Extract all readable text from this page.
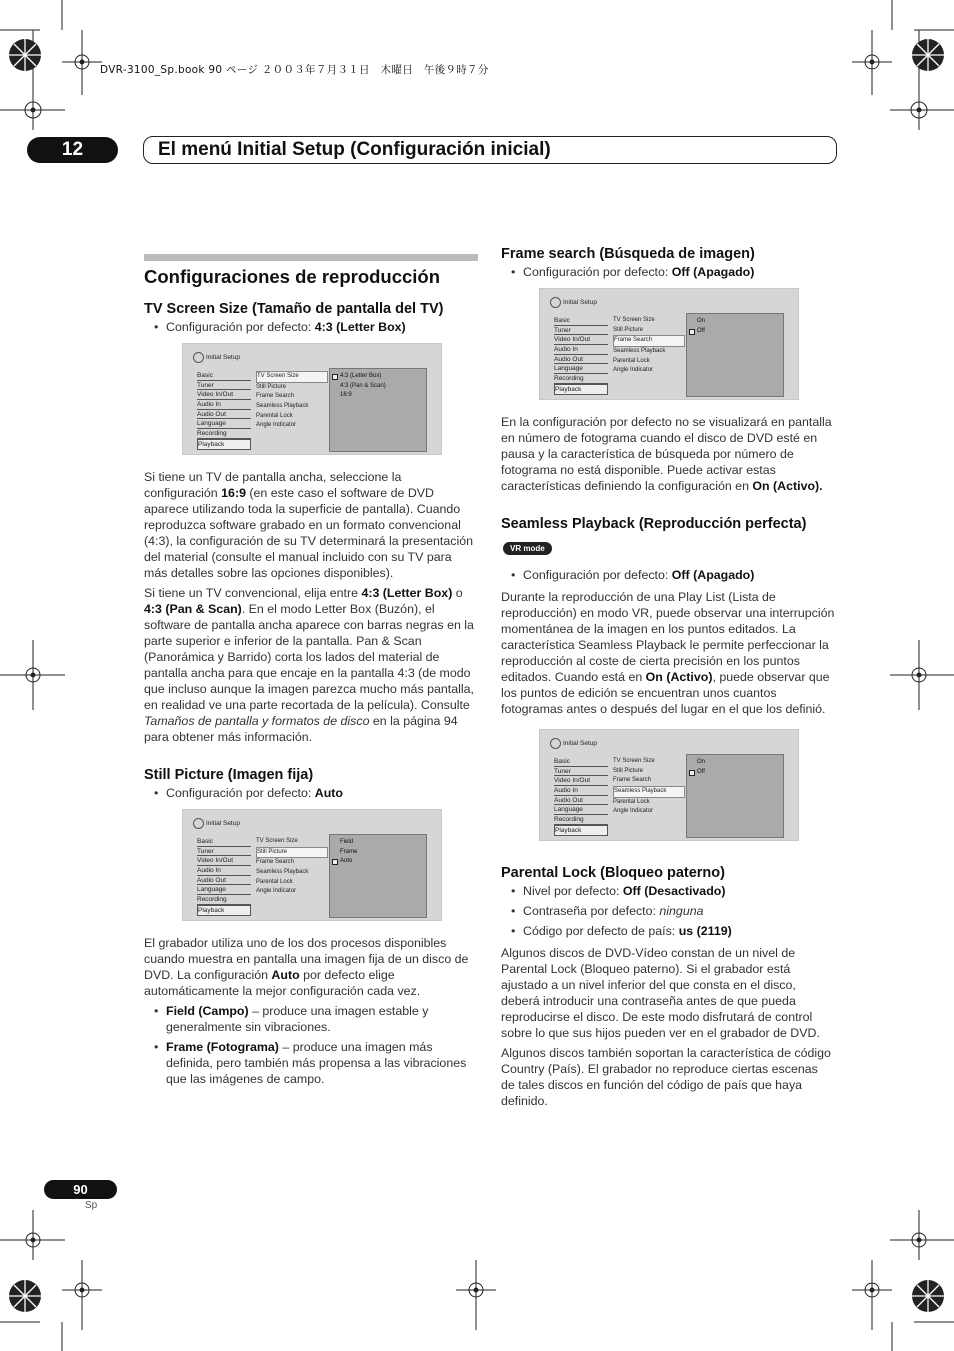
DVR-3100_Sp.book 90 ページ ２００３年７月３１日　木曜日　午後９時７分
12	El menú Initial Setup (Configuración inicial)
Configuraciones de reproducción
TV Screen Size (Tamaño de pantalla del TV)
• Configuración por defecto: 4:3 (Letter Box)
Initial Setup
Basic
Tuner
Video In/Out
Audio In
Audio Out
Language
Recording
Playback
TV Screen Size
Still Picture
Frame Search
Seamless Playback
Parental Lock
Angle Indicator
4:3 (Letter Box)
4:3 (Pan & Scan)
16:9

Si tiene un TV de pantalla ancha, seleccione la configuración 16:9 (en este caso el software de DVD aparece utilizando toda la superficie de pantalla). Cuando reproduzca software grabado en un formato convencional (4:3), la configuración de su TV determinará la presentación del material (consulte el manual incluido con su TV para más detalles sobre las opciones disponibles).

Si tiene un TV convencional, elija entre 4:3 (Letter Box) o 4:3 (Pan & Scan). En el modo Letter Box (Buzón), el software de pantalla ancha aparece con barras negras en la parte superior e inferior de la pantalla. Pan & Scan (Panorámica y Barrido) corta los lados del material de pantalla ancha para que encaje en la pantalla 4:3 (de modo que incluso aunque la imagen parezca mucho más pantalla, en realidad ve una parte recortada de la película). Consulte Tamaños de pantalla y formatos de disco en la página 94 para obtener más información.

Still Picture (Imagen fija)
• Configuración por defecto: Auto
Initial Setup
Basic
Tuner
Video In/Out
Audio In
Audio Out
Language
Recording
Playback
TV Screen Size
Still Picture
Frame Search
Seamless Playback
Parental Lock
Angle Indicator
Field
Frame
Auto

El grabador utiliza uno de los dos procesos disponibles cuando muestra en pantalla una imagen fija de un disco de DVD. La configuración Auto por defecto elige automáticamente la mejor configuración cada vez.

• Field (Campo) – produce una imagen estable y generalmente sin vibraciones.
• Frame (Fotograma) – produce una imagen más definida, pero también más propensa a las vibraciones que las imágenes de campo.
Frame search (Búsqueda de imagen)
• Configuración por defecto: Off (Apagado)
Initial Setup
Basic
Tuner
Video In/Out
Audio In
Audio Out
Language
Recording
Playback
TV Screen Size
Still Picture
Frame Search
Seamless Playback
Parental Lock
Angle Indicator
On
Off

En la configuración por defecto no se visualizará en pantalla en número de fotograma cuando el disco de DVD esté en pausa y la característica de búsqueda por número de fotograma no está disponible. Puede activar estas características definiendo la configuración en On (Activo).

Seamless Playback (Reproducción perfecta)
VR mode
• Configuración por defecto: Off (Apagado)

Durante la reproducción de una Play List (Lista de reproducción) en modo VR, puede observar una interrupción momentánea de la imagen en los puntos editados. La característica Seamless Playback le permite perfeccionar la reproducción al coste de cierta precisión en los puntos editados. Cuando está en On (Activo), puede observar que los puntos de edición se encuentran unos cuantos fotogramas antes o después del lugar en el que los definió.

Initial Setup
Basic
Tuner
Video In/Out
Audio In
Audio Out
Language
Recording
Playback
TV Screen Size
Still Picture
Frame Search
Seamless Playback
Parental Lock
Angle Indicator
On
Off
Parental Lock (Bloqueo paterno)
• Nivel por defecto: Off (Desactivado)
• Contraseña por defecto: ninguna
• Código por defecto de país: us (2119)

Algunos discos de DVD-Vídeo constan de un nivel de Parental Lock (Bloqueo paterno). Si el grabador está ajustado a un nivel inferior del que consta en el disco, deberá introducir una contraseña antes de que pueda reproducirse el disco. De este modo disfrutará de control sobre lo que sus hijos pueden ver en el grabador de DVD.

Algunos discos también soportan la característica de código Country (País). El grabador no reproduce ciertas escenas de tales discos en función del código de país que haya definido.

90
Sp
